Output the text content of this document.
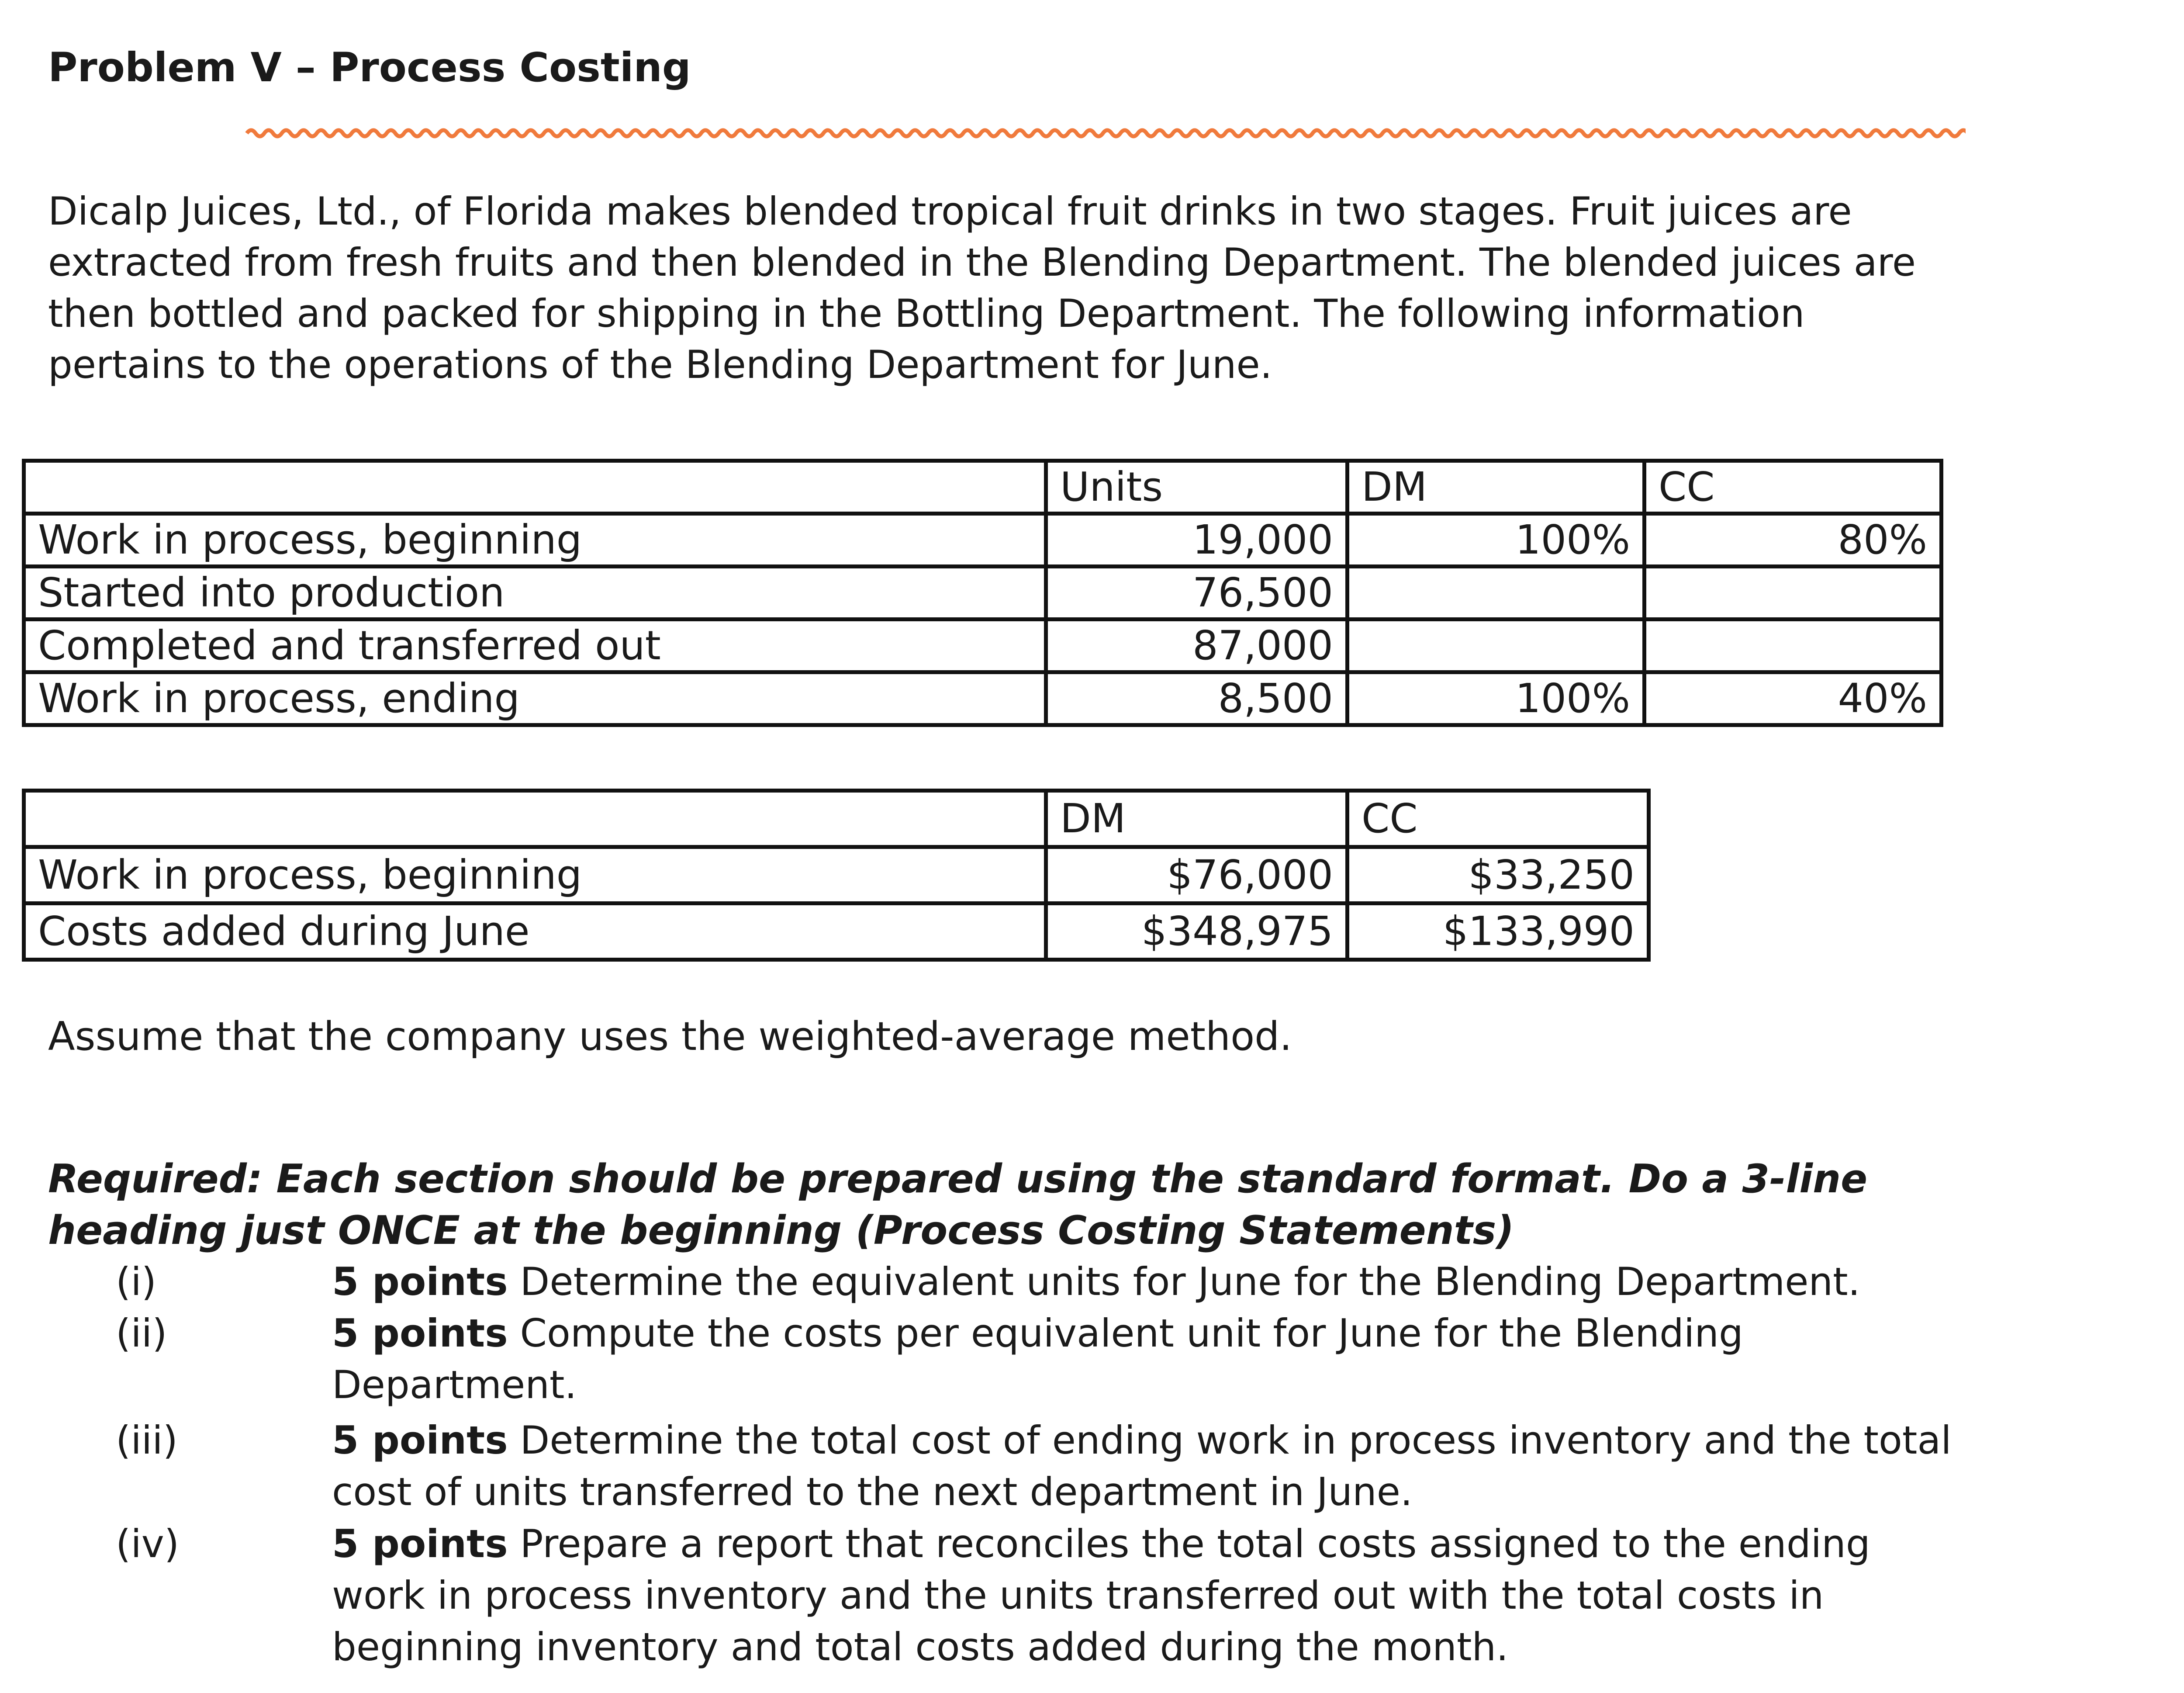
Problem V – Process Costing
Dicalp Juices, Ltd., of Florida makes blended tropical fruit drinks in two stages. Fruit juices are
extracted from fresh fruits and then blended in the Blending Department. The blended juices are
then bottled and packed for shipping in the Bottling Department. The following information
pertains to the operations of the Blending Department for June.
	Units	DM	CC
Work in process, beginning	19,000	100%	80%
Started into production	76,500		
Completed and transferred out	87,000		
Work in process, ending	8,500	100%	40%
	DM	CC
Work in process, beginning	$76,000	$33,250
Costs added during June	$348,975	$133,990
Assume that the company uses the weighted-average method.
Required: Each section should be prepared using the standard format. Do a 3-line
heading just ONCE at the beginning (Process Costing Statements)
(i)	5 points Determine the equivalent units for June for the Blending Department.
(ii)	5 points Compute the costs per equivalent unit for June for the Blending
Department.
(iii)	5 points Determine the total cost of ending work in process inventory and the total
cost of units transferred to the next department in June.
(iv)	5 points Prepare a report that reconciles the total costs assigned to the ending
work in process inventory and the units transferred out with the total costs in
beginning inventory and total costs added during the month.
